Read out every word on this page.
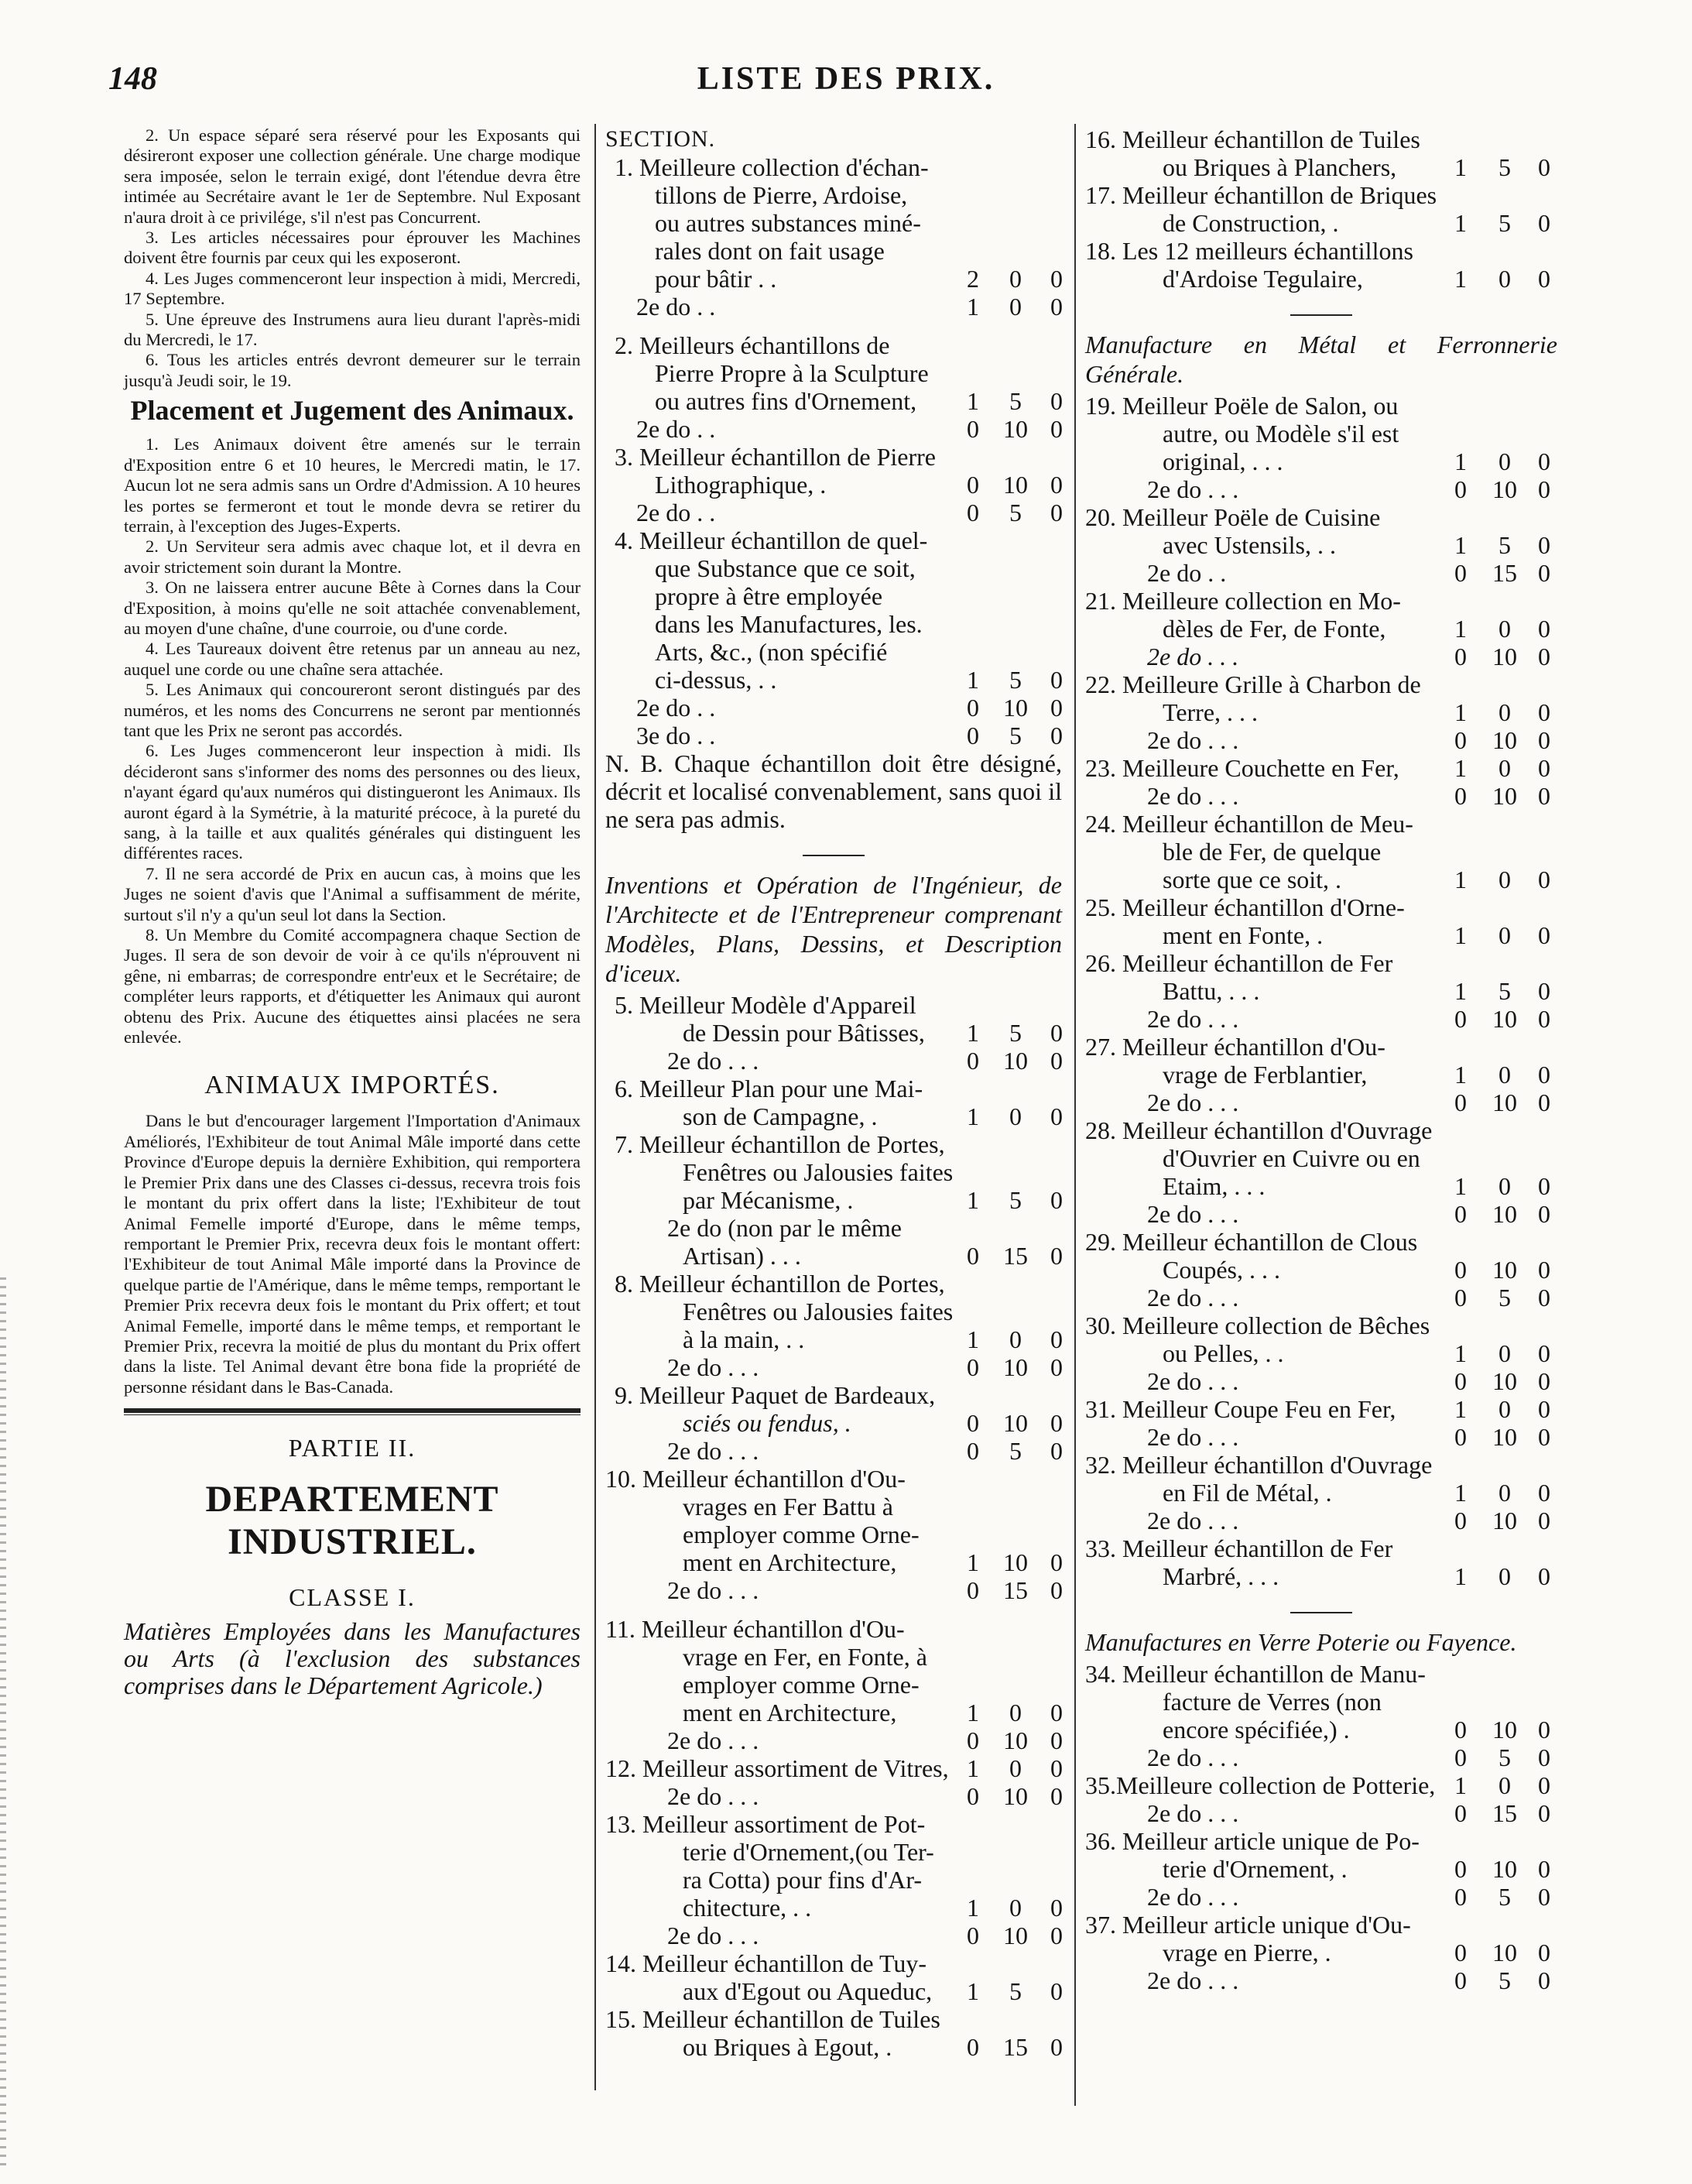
148	LISTE DES PRIX.

2. Un espace séparé sera réservé pour les Exposants qui désireront exposer une collection générale. Une charge modique sera imposée, selon le terrain exigé, dont l'étendue devra être intimée au Secrétaire avant le 1er de Septembre. Nul Exposant n'aura droit à ce privilége, s'il n'est pas Concurrent.

3. Les articles nécessaires pour éprouver les Machines doivent être fournis par ceux qui les exposeront.

4. Les Juges commenceront leur inspection à midi, Mercredi, 17 Septembre.

5. Une épreuve des Instrumens aura lieu durant l'après-midi du Mercredi, le 17.

6. Tous les articles entrés devront demeurer sur le terrain jusqu'à Jeudi soir, le 19.

Placement et Jugement des Animaux.

1. Les Animaux doivent être amenés sur le terrain d'Exposition entre 6 et 10 heures, le Mercredi matin, le 17. Aucun lot ne sera admis sans un Ordre d'Admission. A 10 heures les portes se fermeront et tout le monde devra se retirer du terrain, à l'exception des Juges-Experts.

2. Un Serviteur sera admis avec chaque lot, et il devra en avoir strictement soin durant la Montre.

3. On ne laissera entrer aucune Bête à Cornes dans la Cour d'Exposition, à moins qu'elle ne soit attachée convenablement, au moyen d'une chaîne, d'une courroie, ou d'une corde.

4. Les Taureaux doivent être retenus par un anneau au nez, auquel une corde ou une chaîne sera attachée.

5. Les Animaux qui concoureront seront distingués par des numéros, et les noms des Concurrens ne seront par mentionnés tant que les Prix ne seront pas accordés.

6. Les Juges commenceront leur inspection à midi. Ils décideront sans s'informer des noms des personnes ou des lieux, n'ayant égard qu'aux numéros qui distingueront les Animaux. Ils auront égard à la Symétrie, à la maturité précoce, à la pureté du sang, à la taille et aux qualités générales qui distinguent les différentes races.

7. Il ne sera accordé de Prix en aucun cas, à moins que les Juges ne soient d'avis que l'Animal a suffisamment de mérite, surtout s'il n'y a qu'un seul lot dans la Section.

8. Un Membre du Comité accompagnera chaque Section de Juges. Il sera de son devoir de voir à ce qu'ils n'éprouvent ni gêne, ni embarras; de correspondre entr'eux et le Secrétaire; de compléter leurs rapports, et d'étiquetter les Animaux qui auront obtenu des Prix. Aucune des étiquettes ainsi placées ne sera enlevée.

ANIMAUX IMPORTÉS.

Dans le but d'encourager largement l'Importation d'Animaux Améliorés, l'Exhibiteur de tout Animal Mâle importé dans cette Province d'Europe depuis la dernière Exhibition, qui remportera le Premier Prix dans une des Classes ci-dessus, recevra trois fois le montant du prix offert dans la liste; l'Exhibiteur de tout Animal Femelle importé d'Europe, dans le même temps, remportant le Premier Prix, recevra deux fois le montant offert: l'Exhibiteur de tout Animal Mâle importé dans la Province de quelque partie de l'Amérique, dans le même temps, remportant le Premier Prix recevra deux fois le montant du Prix offert; et tout Animal Femelle, importé dans le même temps, et remportant le Premier Prix, recevra la moitié de plus du montant du Prix offert dans la liste. Tel Animal devant être bona fide la propriété de personne résidant dans le Bas-Canada.

PARTIE II.
DEPARTEMENT INDUSTRIEL.
CLASSE I.

Matières Employées dans les Manufactures ou Arts (à l'exclusion des substances comprises dans le Département Agricole.)

SECTION.
1. Meilleure collection d'échan-
tillons de Pierre, Ardoise,
ou autres substances miné-
rales dont on fait usage
pour bâtir . .	2	0	0
2e do . .	1	0	0
2. Meilleurs échantillons de
Pierre Propre à la Sculpture
ou autres fins d'Ornement, 1	5	0
2e do . .	0 10 0
3. Meilleur échantillon de Pierre
Lithographique, .	0 10 0
2e do . .	0	5	0
4. Meilleur échantillon de quel-
que Substance que ce soit,
propre à être employée
dans les Manufactures, les.
Arts, &c., (non spécifié
ci-dessus, . .	1	5	0
2e do . .	0 10 0
3e do . .	0	5	0

N. B. Chaque échantillon doit être désigné, décrit et localisé convenablement, sans quoi il ne sera pas admis.

Inventions et Opération de l'Ingénieur, de l'Architecte et de l'Entrepreneur comprenant Modèles, Plans, Dessins, et Description d'iceux.

5. Meilleur Modèle d'Appareil
de Dessin pour Bâtisses, 1	5	0
2e do . . .	0 10 0
6. Meilleur Plan pour une Mai-
son de Campagne, .	1	0	0
7. Meilleur échantillon de Portes,
Fenêtres ou Jalousies faites
par Mécanisme, .	1	5	0
2e do (non par le même
Artisan) . . .	0 15 0
8. Meilleur échantillon de Portes,
Fenêtres ou Jalousies faites
à la main, . .	1	0	0
2e do . . .	0 10 0
9. Meilleur Paquet de Bardeaux,
sciés ou fendus, .	0 10 0
2e do . . .	0	5	0
10. Meilleur échantillon d'Ou-
vrages en Fer Battu à
employer comme Orne-
ment en Architecture,	1 10 0
2e do . . .	0 15 0
11. Meilleur échantillon d'Ou-
vrage en Fer, en Fonte, à
employer comme Orne-
ment en Architecture,	1	0	0
2e do . . .	0 10 0
12. Meilleur assortiment de Vitres, 1	0	0
2e do . . .	0 10 0
13. Meilleur assortiment de Pot-
terie d'Ornement,(ou Ter-
ra Cotta) pour fins d'Ar-
chitecture, . .	1	0	0
2e do . . .	0 10 0
14. Meilleur échantillon de Tuy-
aux d'Egout ou Aqueduc, 1	5	0
15. Meilleur échantillon de Tuiles
ou Briques à Egout, .	0 15 0
16. Meilleur échantillon de Tuiles
ou Briques à Planchers, 1	5	0
17. Meilleur échantillon de Briques
de Construction, .	1	5	0
18. Les 12 meilleurs échantillons
d'Ardoise Tegulaire,	1	0	0

Manufacture en Métal et Ferronnerie Générale.

19. Meilleur Poële de Salon, ou
autre, ou Modèle s'il est
original, . . .	1	0	0
2e do . . .	0 10 0
20. Meilleur Poële de Cuisine
avec Ustensils, . .	1	5	0
2e do . .	0 15 0
21. Meilleure collection en Mo-
dèles de Fer, de Fonte,	1	0	0
2e do . . .	0 10 0
22. Meilleure Grille à Charbon de
Terre, . . .	1	0	0
2e do . . .	0 10 0
23. Meilleure Couchette en Fer, 1	0	0
2e do . . .	0 10 0
24. Meilleur échantillon de Meu-
ble de Fer, de quelque
sorte que ce soit, .	1	0	0
25. Meilleur échantillon d'Orne-
ment en Fonte, .	1	0	0
26. Meilleur échantillon de Fer
Battu, . . .	1	5	0
2e do . . .	0 10 0
27. Meilleur échantillon d'Ou-
vrage de Ferblantier,	1	0	0
2e do . . .	0 10 0
28. Meilleur échantillon d'Ouvrage
d'Ouvrier en Cuivre ou en
Etaim, . . .	1	0	0
2e do . . .	0 10 0
29. Meilleur échantillon de Clous
Coupés, . . .	0 10 0
2e do . . .	0	5	0
30. Meilleure collection de Bêches
ou Pelles, . .	1	0	0
2e do . . .	0 10 0
31. Meilleur Coupe Feu en Fer, 1	0	0
2e do . . .	0 10 0
32. Meilleur échantillon d'Ouvrage
en Fil de Métal, .	1	0	0
2e do . . .	0 10 0
33. Meilleur échantillon de Fer
Marbré, . . .	1	0	0

Manufactures en Verre Poterie ou Fayence.

34. Meilleur échantillon de Manu-
facture de Verres (non
encore spécifiée,) .	0 10 0
2e do . . .	0	5	0
35.Meilleure collection de Potterie, 1	0	0
2e do . . .	0 15 0
36. Meilleur article unique de Po-
terie d'Ornement, .	0 10 0
2e do . . .	0	5	0
37. Meilleur article unique d'Ou-
vrage en Pierre, .	0 10 0
2e do . . .	0	5	0
